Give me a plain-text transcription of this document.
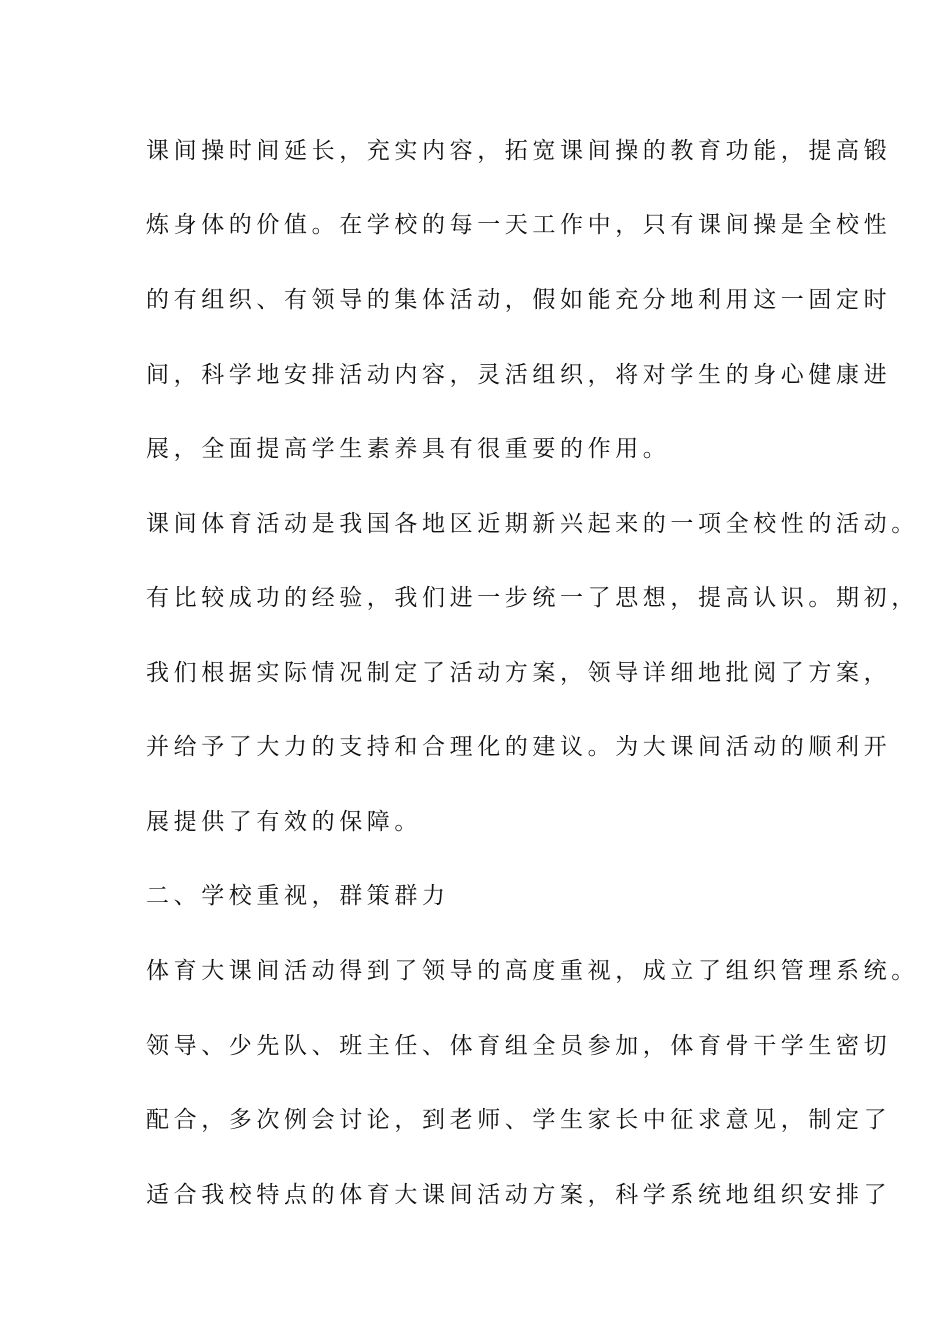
课间操时间延长，充实内容，拓宽课间操的教育功能，提高锻
炼身体的价值。在学校的每一天工作中，只有课间操是全校性
的有组织、有领导的集体活动，假如能充分地利用这一固定时
间，科学地安排活动内容，灵活组织，将对学生的身心健康进
展，全面提高学生素养具有很重要的作用。
课间体育活动是我国各地区近期新兴起来的一项全校性的活动。
有比较成功的经验，我们进一步统一了思想，提高认识。期初，
我们根据实际情况制定了活动方案，领导详细地批阅了方案，
并给予了大力的支持和合理化的建议。为大课间活动的顺利开
展提供了有效的保障。
二、学校重视，群策群力
体育大课间活动得到了领导的高度重视，成立了组织管理系统。
领导、少先队、班主任、体育组全员参加，体育骨干学生密切
配合，多次例会讨论，到老师、学生家长中征求意见，制定了
适合我校特点的体育大课间活动方案，科学系统地组织安排了
